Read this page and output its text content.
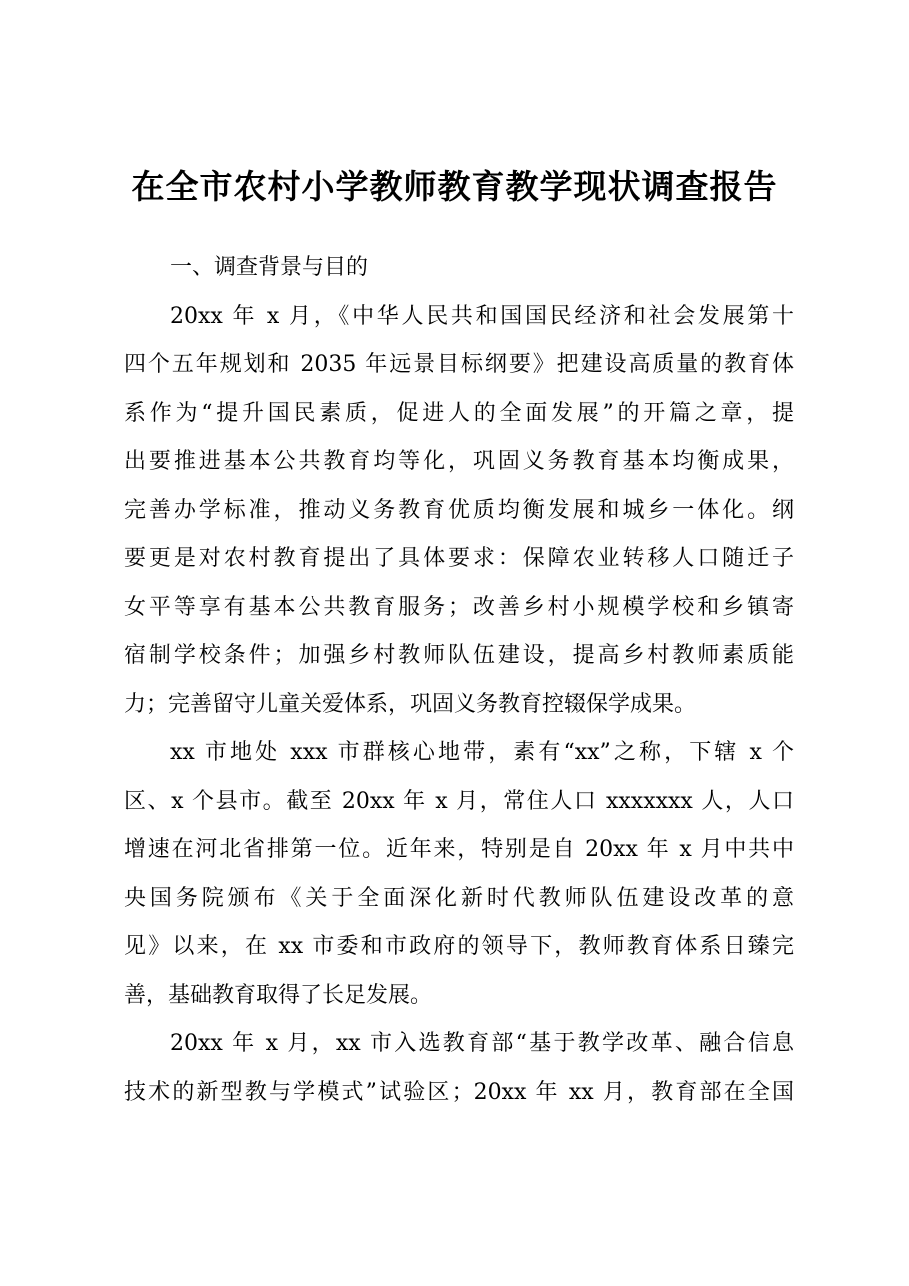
在全市农村小学教师教育教学现状调查报告

一、调查背景与目的

20xx 年 x 月，《中华人民共和国国民经济和社会发展第十
四个五年规划和 2035 年远景目标纲要》把建设高质量的教育体
系作为“提升国民素质，促进人的全面发展”的开篇之章，提
出要推进基本公共教育均等化，巩固义务教育基本均衡成果，
完善办学标准，推动义务教育优质均衡发展和城乡一体化。纲
要更是对农村教育提出了具体要求：保障农业转移人口随迁子
女平等享有基本公共教育服务；改善乡村小规模学校和乡镇寄
宿制学校条件；加强乡村教师队伍建设，提高乡村教师素质能
力；完善留守儿童关爱体系，巩固义务教育控辍保学成果。

xx 市地处 xxx 市群核心地带，素有“xx”之称，下辖 x 个
区、x 个县市。截至 20xx 年 x 月，常住人口 xxxxxxx 人，人口
增速在河北省排第一位。近年来，特别是自 20xx 年 x 月中共中
央国务院颁布《关于全面深化新时代教师队伍建设改革的意
见》以来，在 xx 市委和市政府的领导下，教师教育体系日臻完
善，基础教育取得了长足发展。

20xx 年 x 月，xx 市入选教育部“基于教学改革、融合信息
技术的新型教与学模式”试验区；20xx 年 xx 月，教育部在全国
